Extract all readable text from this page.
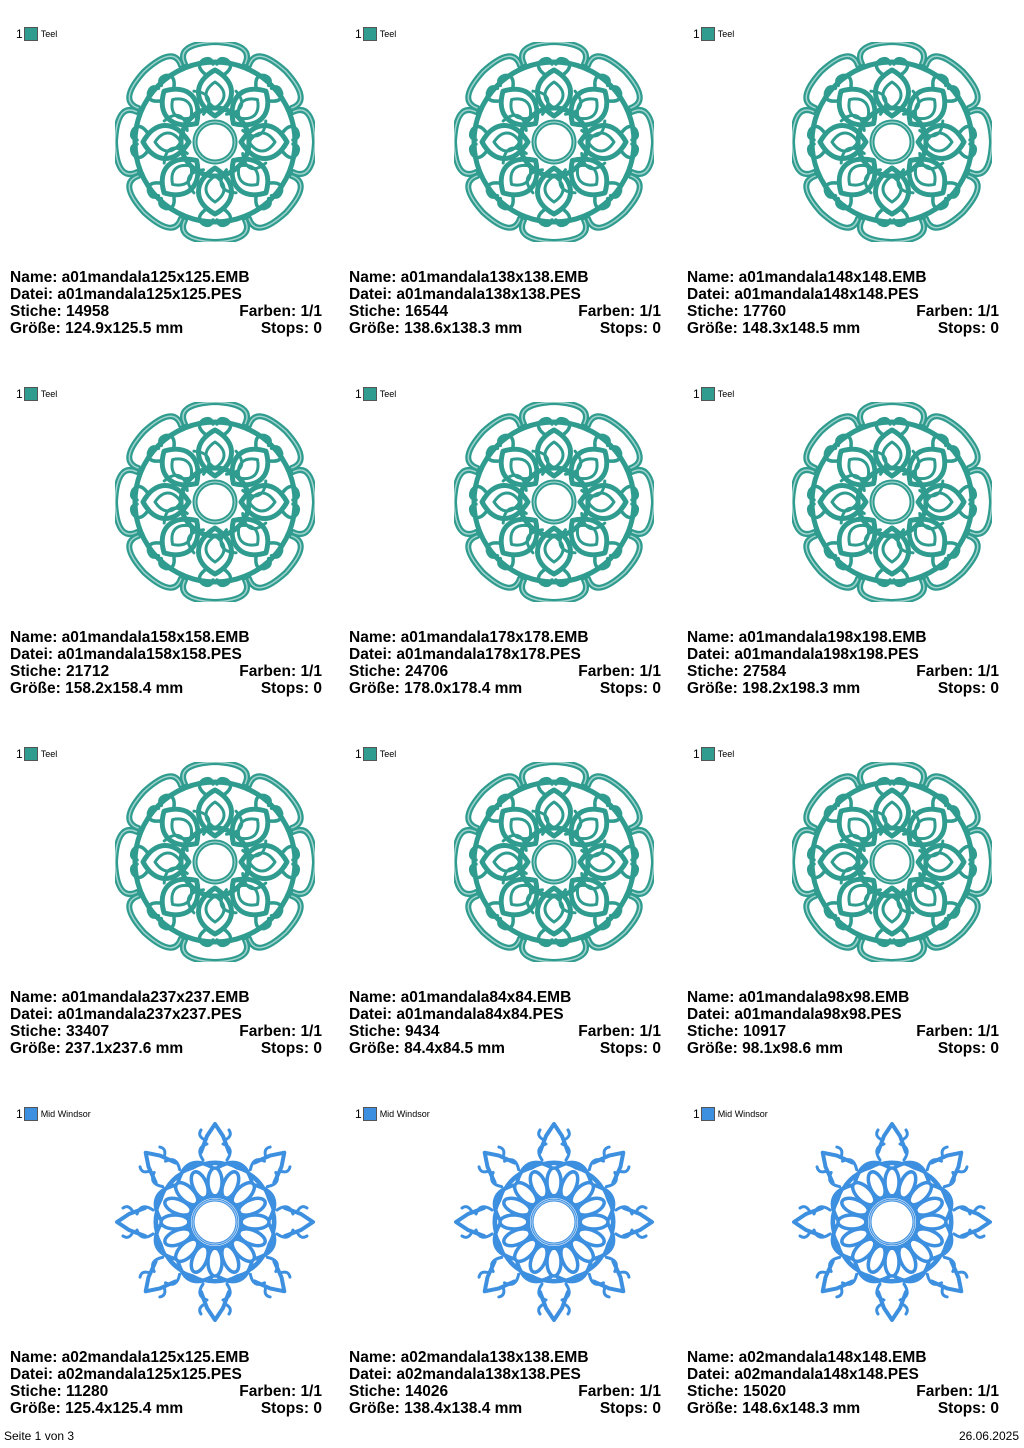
1 Teel
Name: a01mandala125x125.EMB
Datei: a01mandala125x125.PES
Stiche: 14958	Farben: 1/1
Größe: 124.9x125.5 mm	Stops: 0
1 Teel
Name: a01mandala138x138.EMB
Datei: a01mandala138x138.PES
Stiche: 16544	Farben: 1/1
Größe: 138.6x138.3 mm	Stops: 0
1 Teel
Name: a01mandala148x148.EMB
Datei: a01mandala148x148.PES
Stiche: 17760	Farben: 1/1
Größe: 148.3x148.5 mm	Stops: 0
1 Teel
Name: a01mandala158x158.EMB
Datei: a01mandala158x158.PES
Stiche: 21712	Farben: 1/1
Größe: 158.2x158.4 mm	Stops: 0
1 Teel
Name: a01mandala178x178.EMB
Datei: a01mandala178x178.PES
Stiche: 24706	Farben: 1/1
Größe: 178.0x178.4 mm	Stops: 0
1 Teel
Name: a01mandala198x198.EMB
Datei: a01mandala198x198.PES
Stiche: 27584	Farben: 1/1
Größe: 198.2x198.3 mm	Stops: 0
1 Teel
Name: a01mandala237x237.EMB
Datei: a01mandala237x237.PES
Stiche: 33407	Farben: 1/1
Größe: 237.1x237.6 mm	Stops: 0
1 Teel
Name: a01mandala84x84.EMB
Datei: a01mandala84x84.PES
Stiche: 9434	Farben: 1/1
Größe: 84.4x84.5 mm	Stops: 0
1 Teel
Name: a01mandala98x98.EMB
Datei: a01mandala98x98.PES
Stiche: 10917	Farben: 1/1
Größe: 98.1x98.6 mm	Stops: 0
1 Mid Windsor
Name: a02mandala125x125.EMB
Datei: a02mandala125x125.PES
Stiche: 11280	Farben: 1/1
Größe: 125.4x125.4 mm	Stops: 0
1 Mid Windsor
Name: a02mandala138x138.EMB
Datei: a02mandala138x138.PES
Stiche: 14026	Farben: 1/1
Größe: 138.4x138.4 mm	Stops: 0
1 Mid Windsor
Name: a02mandala148x148.EMB
Datei: a02mandala148x148.PES
Stiche: 15020	Farben: 1/1
Größe: 148.6x148.3 mm	Stops: 0
Seite 1 von 3	26.06.2025
